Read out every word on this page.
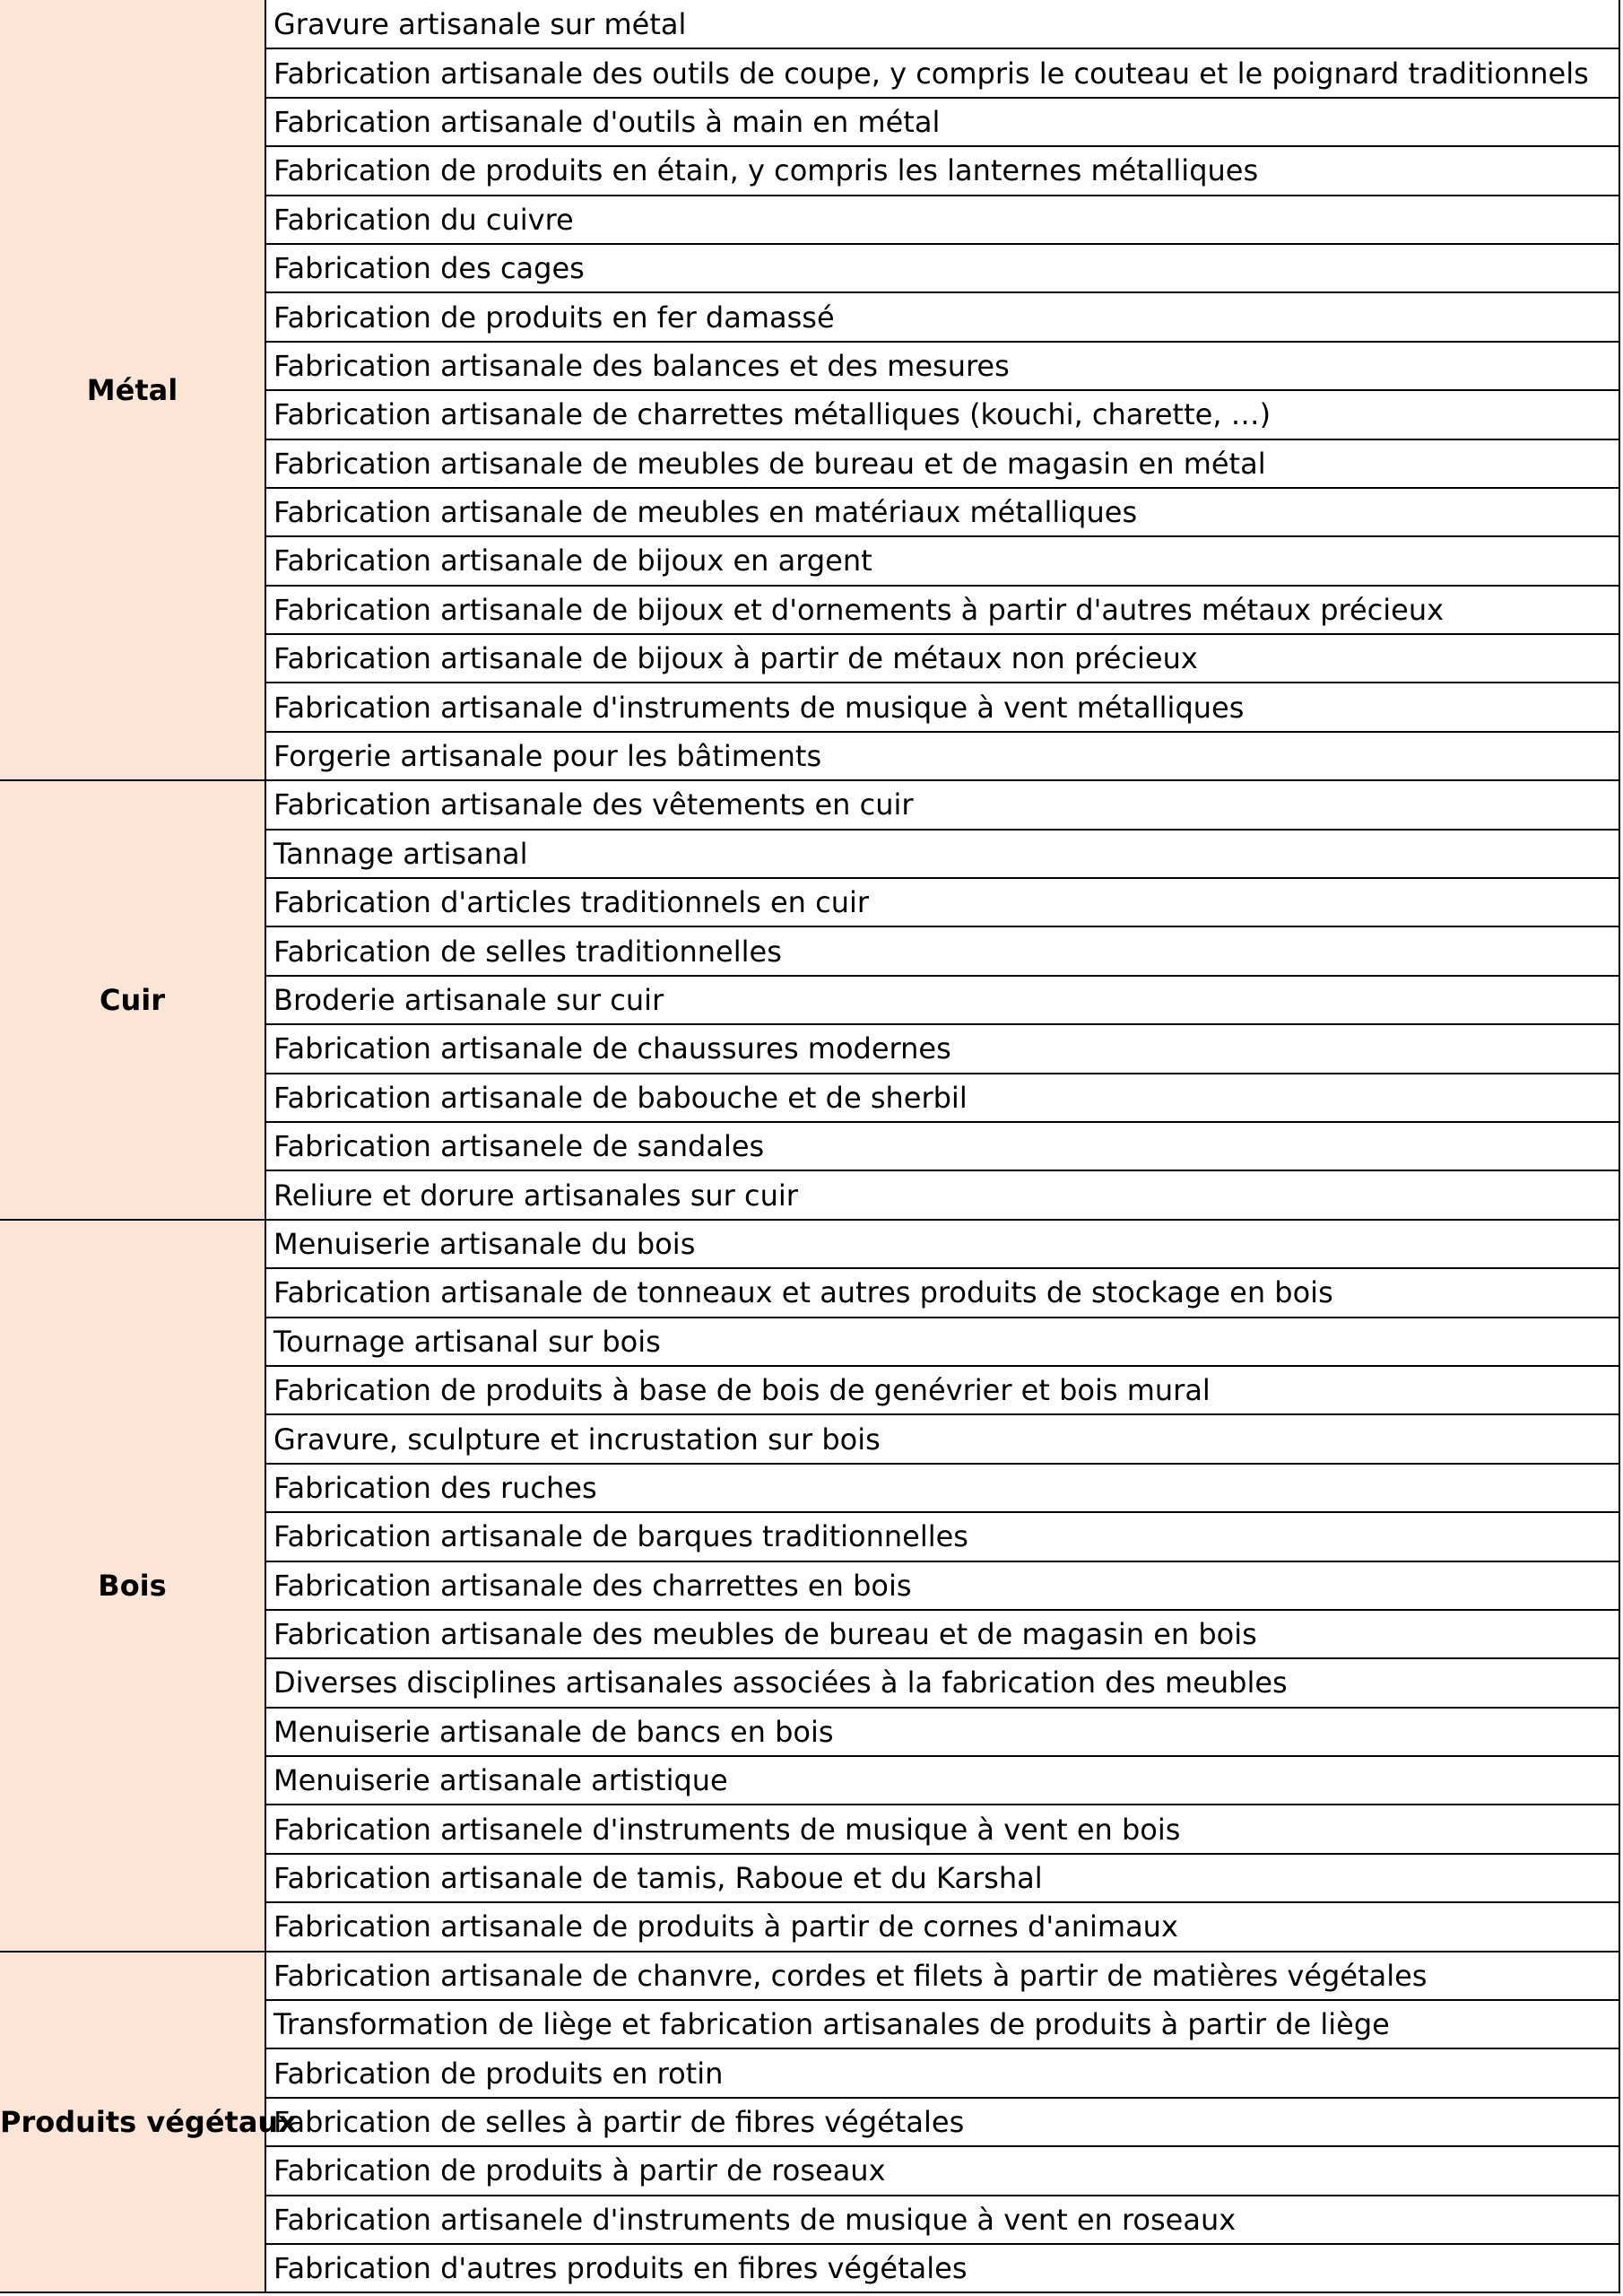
Métal	Gravure artisanale sur métal
	Fabrication artisanale des outils de coupe, y compris le couteau et le poignard traditionnels
	Fabrication artisanale d'outils à main en métal
	Fabrication de produits en étain, y compris les lanternes métalliques
	Fabrication du cuivre
	Fabrication des cages
	Fabrication de produits en fer damassé
	Fabrication artisanale des balances et des mesures
	Fabrication artisanale de charrettes métalliques (kouchi, charette, …)
	Fabrication artisanale de meubles de bureau et de magasin en métal
	Fabrication artisanale de meubles en matériaux métalliques
	Fabrication artisanale de bijoux en argent
	Fabrication artisanale de bijoux et d'ornements à partir d'autres métaux précieux
	Fabrication artisanale de bijoux à partir de métaux non précieux
	Fabrication artisanale d'instruments de musique à vent métalliques
	Forgerie artisanale pour les bâtiments
Cuir	Fabrication artisanale des vêtements en cuir
	Tannage artisanal
	Fabrication d'articles traditionnels en cuir
	Fabrication de selles traditionnelles
	Broderie artisanale sur cuir
	Fabrication artisanale de chaussures modernes
	Fabrication artisanale de babouche et de sherbil
	Fabrication artisanele de sandales
	Reliure et dorure artisanales sur cuir
Bois	Menuiserie artisanale du bois
	Fabrication artisanale de tonneaux et autres produits de stockage en bois
	Tournage artisanal sur bois
	Fabrication de produits à base de bois de genévrier et bois mural
	Gravure, sculpture et incrustation sur bois
	Fabrication des ruches
	Fabrication artisanale de barques traditionnelles
	Fabrication artisanale des charrettes en bois
	Fabrication artisanale des meubles de bureau et de magasin en bois
	Diverses disciplines artisanales associées à la fabrication des meubles
	Menuiserie artisanale de bancs en bois
	Menuiserie artisanale artistique
	Fabrication artisanele d'instruments de musique à vent en bois
	Fabrication artisanale de tamis, Raboue et du Karshal
	Fabrication artisanale de produits à partir de cornes d'animaux
Produits végétaux	Fabrication artisanale de chanvre, cordes et filets à partir de matières végétales
	Transformation de liège et fabrication artisanales de produits à partir de liège
	Fabrication de produits en rotin
	Fabrication de selles à partir de fibres végétales
	Fabrication de produits à partir de roseaux
	Fabrication artisanele d'instruments de musique à vent en roseaux
	Fabrication d'autres produits en fibres végétales
